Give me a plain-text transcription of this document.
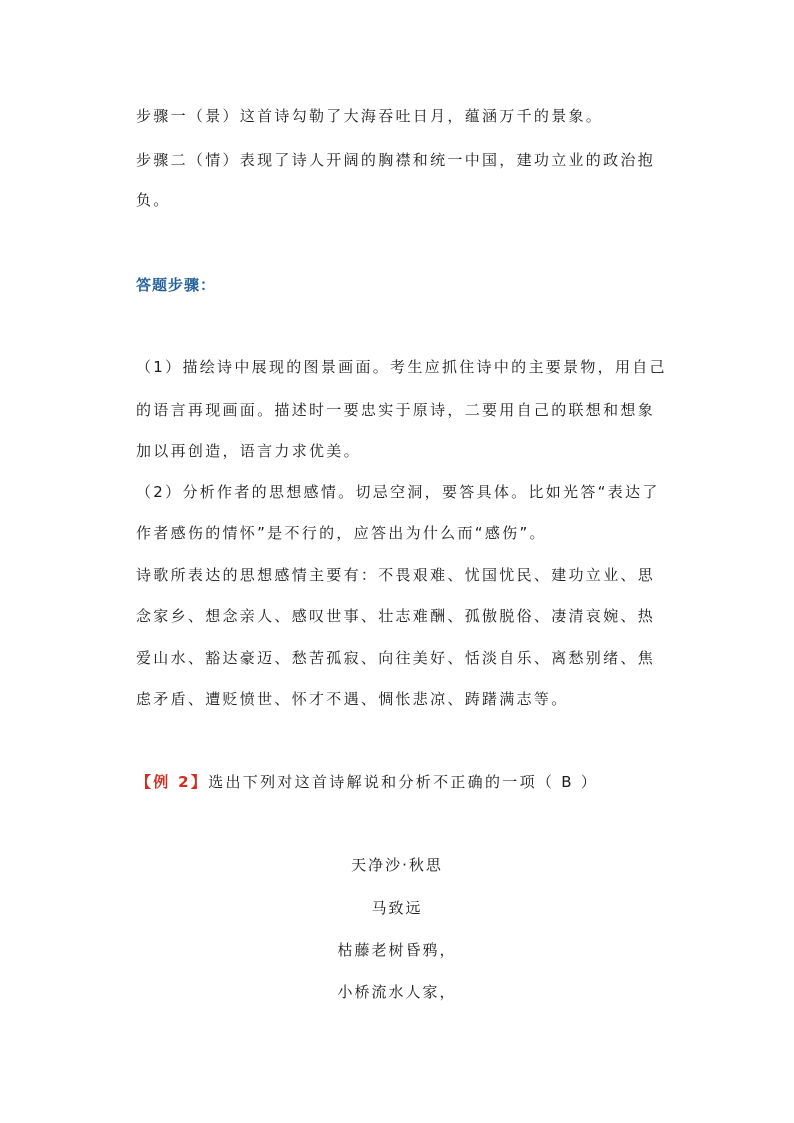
步骤一（景）这首诗勾勒了大海吞吐日月，蕴涵万千的景象。
步骤二（情）表现了诗人开阔的胸襟和统一中国，建功立业的政治抱
负。
答题步骤：
（1）描绘诗中展现的图景画面。考生应抓住诗中的主要景物，用自己
的语言再现画面。描述时一要忠实于原诗，二要用自己的联想和想象
加以再创造，语言力求优美。
（2）分析作者的思想感情。切忌空洞，要答具体。比如光答“表达了
作者感伤的情怀”是不行的，应答出为什么而“感伤”。
诗歌所表达的思想感情主要有：不畏艰难、忧国忧民、建功立业、思
念家乡、想念亲人、感叹世事、壮志难酬、孤傲脱俗、凄清哀婉、热
爱山水、豁达豪迈、愁苦孤寂、向往美好、恬淡自乐、离愁别绪、焦
虑矛盾、遭贬愤世、怀才不遇、惆怅悲凉、踌躇满志等。
【例 2】选出下列对这首诗解说和分析不正确的一项（ B ）
天净沙·秋思
马致远
枯藤老树昏鸦，
小桥流水人家，
